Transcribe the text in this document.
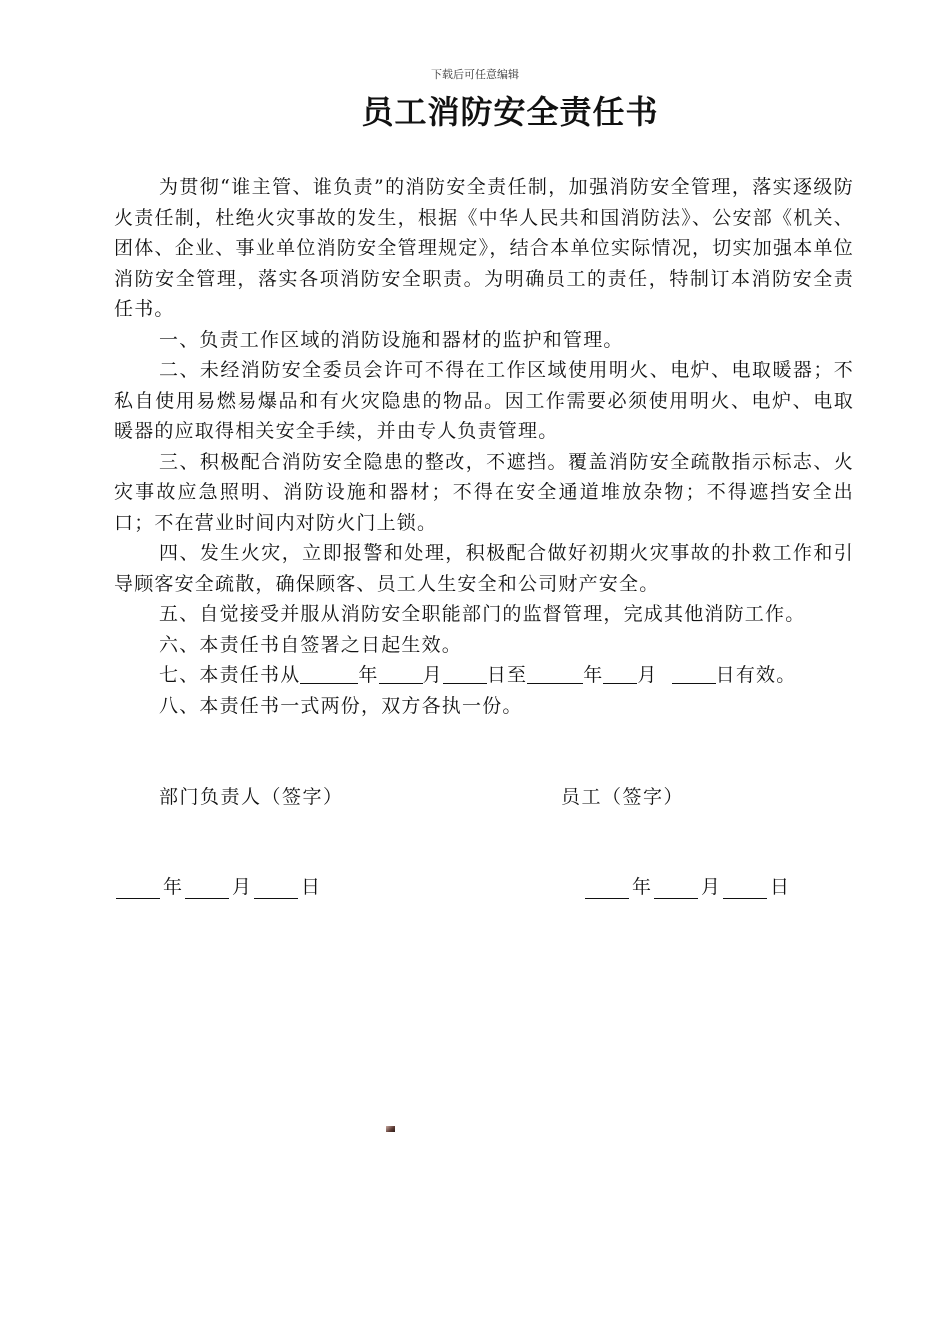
下载后可任意编辑
员工消防安全责任书

为贯彻“谁主管、谁负责”的消防安全责任制，加强消防安全管理，落实逐级防火责任制，杜绝火灾事故的发生，根据《中华人民共和国消防法》、公安部《机关、团体、企业、事业单位消防安全管理规定》，结合本单位实际情况，切实加强本单位消防安全管理，落实各项消防安全职责。为明确员工的责任，特制订本消防安全责任书。

一、负责工作区域的消防设施和器材的监护和管理。

二、未经消防安全委员会许可不得在工作区域使用明火、电炉、电取暖器；不私自使用易燃易爆品和有火灾隐患的物品。因工作需要必须使用明火、电炉、电取暖器的应取得相关安全手续，并由专人负责管理。

三、积极配合消防安全隐患的整改，不遮挡。覆盖消防安全疏散指示标志、火灾事故应急照明、消防设施和器材；不得在安全通道堆放杂物；不得遮挡安全出口；不在营业时间内对防火门上锁。

四、发生火灾，立即报警和处理，积极配合做好初期火灾事故的扑救工作和引导顾客安全疏散，确保顾客、员工人生安全和公司财产安全。

五、自觉接受并服从消防安全职能部门的监督管理，完成其他消防工作。

六、本责任书自签署之日起生效。

七、本责任书从	年 月 日至	年 月	日有效。

八、本责任书一式两份，双方各执一份。

部门负责人（签字）	员工（签字）
年	月	日	年	月	日
